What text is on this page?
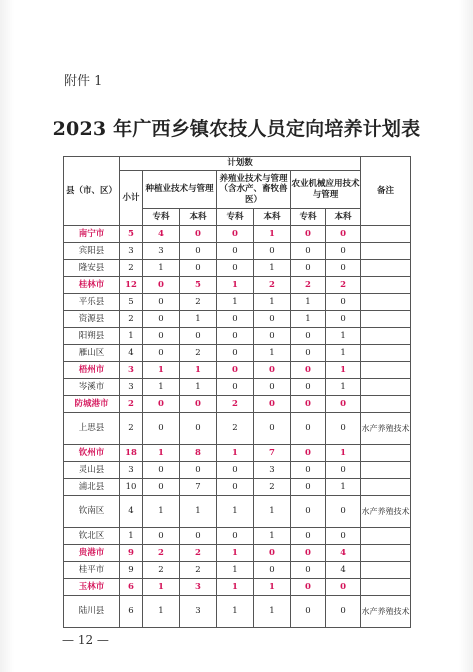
附件 1
2023 年广西乡镇农技人员定向培养计划表
县（市、区）	计划数							备注
	小计	种植业技术与管理		养殖业技术与管理（含水产、畜牧兽医）		农业机械应用技术与管理		
		专科	本科	专科	本科	专科	本科	
南宁市	5	4	0	0	1	0	0	
宾阳县	3	3	0	0	0	0	0	
隆安县	2	1	0	0	1	0	0	
桂林市	12	0	5	1	2	2	2	
平乐县	5	0	2	1	1	1	0	
资源县	2	0	1	0	0	1	0	
阳朔县	1	0	0	0	0	0	1	
雁山区	4	0	2	0	1	0	1	
梧州市	3	1	1	0	0	0	1	
岑溪市	3	1	1	0	0	0	1	
防城港市	2	0	0	2	0	0	0	
上思县	2	0	0	2	0	0	0	水产养殖技术
钦州市	18	1	8	1	7	0	1	
灵山县	3	0	0	0	3	0	0	
浦北县	10	0	7	0	2	0	1	
钦南区	4	1	1	1	1	0	0	水产养殖技术
钦北区	1	0	0	0	1	0	0	
贵港市	9	2	2	1	0	0	4	
桂平市	9	2	2	1	0	0	4	
玉林市	6	1	3	1	1	0	0	
陆川县	6	1	3	1	1	0	0	水产养殖技术
— 12 —
